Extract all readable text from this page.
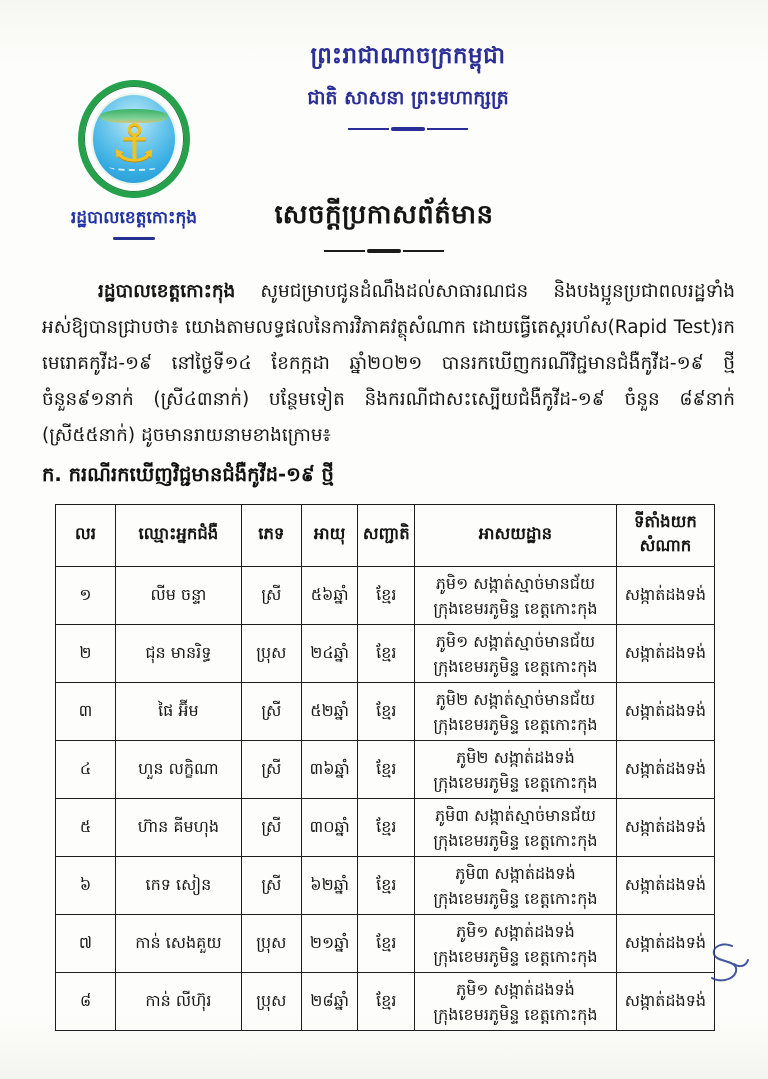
ព្រះរាជាណាចក្រកម្ពុជា
ជាតិ សាសនា ព្រះមហាក្សត្រ
⚓
រដ្ឋបាលខេត្តកោះកុង	សេចក្តីប្រកាសព័ត៌មាន

រដ្ឋបាលខេត្តកោះកុង សូមជម្រាបជូនដំណឹងដល់សាធារណជន និងបងប្អូនប្រជាពលរដ្ឋទាំងអស់ឱ្យបានជ្រាបថា៖ យោងតាមលទ្ធផលនៃការវិភាគវត្ថុសំណាក ដោយធ្វើតេស្តរហ័ស(Rapid Test)រកមេរោគកូវីដ-១៩ នៅថ្ងៃទី១៤ ខែកក្កដា ឆ្នាំ២០២១ បានរកឃើញករណីវិជ្ជមានជំងឺកូវីដ-១៩ ថ្មី ចំនួន៩១នាក់ (ស្រី៤៣នាក់) បន្ថែមទៀត និងករណីជាសះស្បើយជំងឺកូវីដ-១៩ ចំនួន ៨៩នាក់ (ស្រី៥៥នាក់) ដូចមានរាយនាមខាងក្រោម៖

ក. ករណីរកឃើញវិជ្ជមានជំងឺកូវីដ-១៩ ថ្មី
លរ	ឈ្មោះអ្នកជំងឺ	ភេទ	អាយុ	សញ្ជាតិ	អាសយដ្ឋាន	ទីតាំងយក សំណាក
១	លីម ចន្ទា	ស្រី	៥៦ឆ្នាំ	ខ្មែរ	ភូមិ១ សង្កាត់ស្មាច់មានជ័យ
ក្រុងខេមរភូមិន្ទ ខេត្តកោះកុង	សង្កាត់ដងទង់
២	ជុន មានរិទ្ធ	ប្រុស	២៤ឆ្នាំ	ខ្មែរ	ភូមិ១ សង្កាត់ស្មាច់មានជ័យ
ក្រុងខេមរភូមិន្ទ ខេត្តកោះកុង	សង្កាត់ដងទង់
៣	ផៃ អ៊ីម	ស្រី	៥២ឆ្នាំ	ខ្មែរ	ភូមិ២ សង្កាត់ស្មាច់មានជ័យ
ក្រុងខេមរភូមិន្ទ ខេត្តកោះកុង	សង្កាត់ដងទង់
៤	ហួន លក្ខិណា	ស្រី	៣៦ឆ្នាំ	ខ្មែរ	ភូមិ២ សង្កាត់ដងទង់
ក្រុងខេមរភូមិន្ទ ខេត្តកោះកុង	សង្កាត់ដងទង់
៥	ហ៊ាន គីមហុង	ស្រី	៣០ឆ្នាំ	ខ្មែរ	ភូមិ៣ សង្កាត់ស្មាច់មានជ័យ
ក្រុងខេមរភូមិន្ទ ខេត្តកោះកុង	សង្កាត់ដងទង់
៦	កេទ សៀន	ស្រី	៦២ឆ្នាំ	ខ្មែរ	ភូមិ៣ សង្កាត់ដងទង់
ក្រុងខេមរភូមិន្ទ ខេត្តកោះកុង	សង្កាត់ដងទង់
៧	កាន់ សេងគួយ	ប្រុស	២១ឆ្នាំ	ខ្មែរ	ភូមិ១ សង្កាត់ដងទង់
ក្រុងខេមរភូមិន្ទ ខេត្តកោះកុង	សង្កាត់ដងទង់
៨	កាន់ លីហ៊ុរ	ប្រុស	២៨ឆ្នាំ	ខ្មែរ	ភូមិ១ សង្កាត់ដងទង់
ក្រុងខេមរភូមិន្ទ ខេត្តកោះកុង	សង្កាត់ដងទង់
